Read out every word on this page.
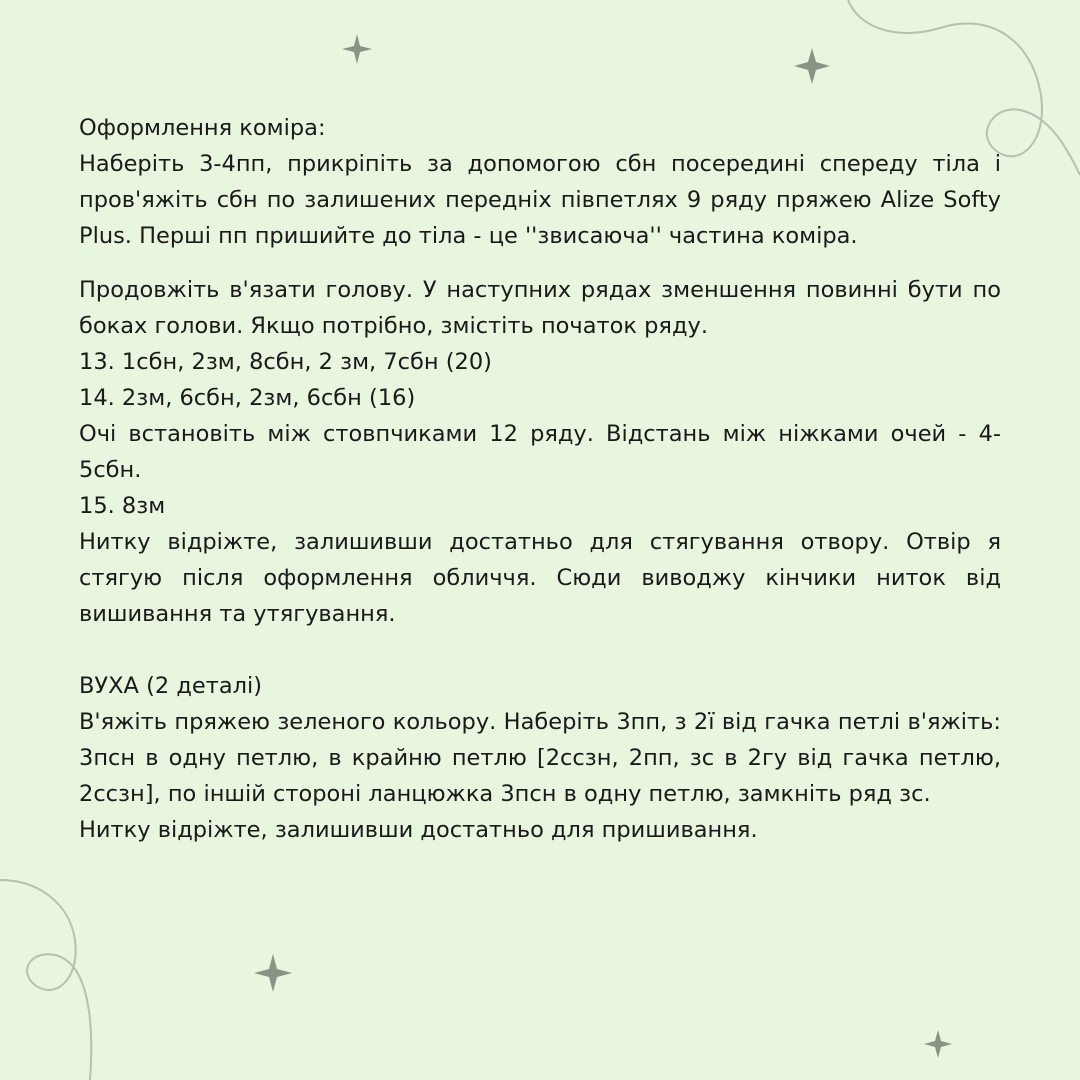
Оформлення коміра:
Наберіть 3-4пп, прикріпіть за допомогою сбн посередині спереду тіла і пров'яжіть сбн по залишених передніх півпетлях 9 ряду пряжею Alize Softy Plus. Перші пп пришийте до тіла - це ''звисаюча'' частина коміра.
Продовжіть в'язати голову. У наступних рядах зменшення повинні бути по боках голови. Якщо потрібно, змістіть початок ряду.
13. 1сбн, 2зм, 8сбн, 2 зм, 7сбн (20)
14. 2зм, 6сбн, 2зм, 6сбн (16)
Очі встановіть між стовпчиками 12 ряду. Відстань між ніжками очей - 4-5сбн.
15. 8зм
Нитку відріжте, залишивши достатньо для стягування отвору. Отвір я стягую після оформлення обличчя. Сюди виводжу кінчики ниток від вишивання та утягування.
ВУХА (2 деталі)
В'яжіть пряжею зеленого кольору. Наберіть 3пп, з 2ї від гачка петлі в'яжіть: 3псн в одну петлю, в крайню петлю [2ссзн, 2пп, зс в 2гу від гачка петлю, 2ссзн], по іншій стороні ланцюжка 3псн в одну петлю, замкніть ряд зс.
Нитку відріжте, залишивши достатньо для пришивання.
